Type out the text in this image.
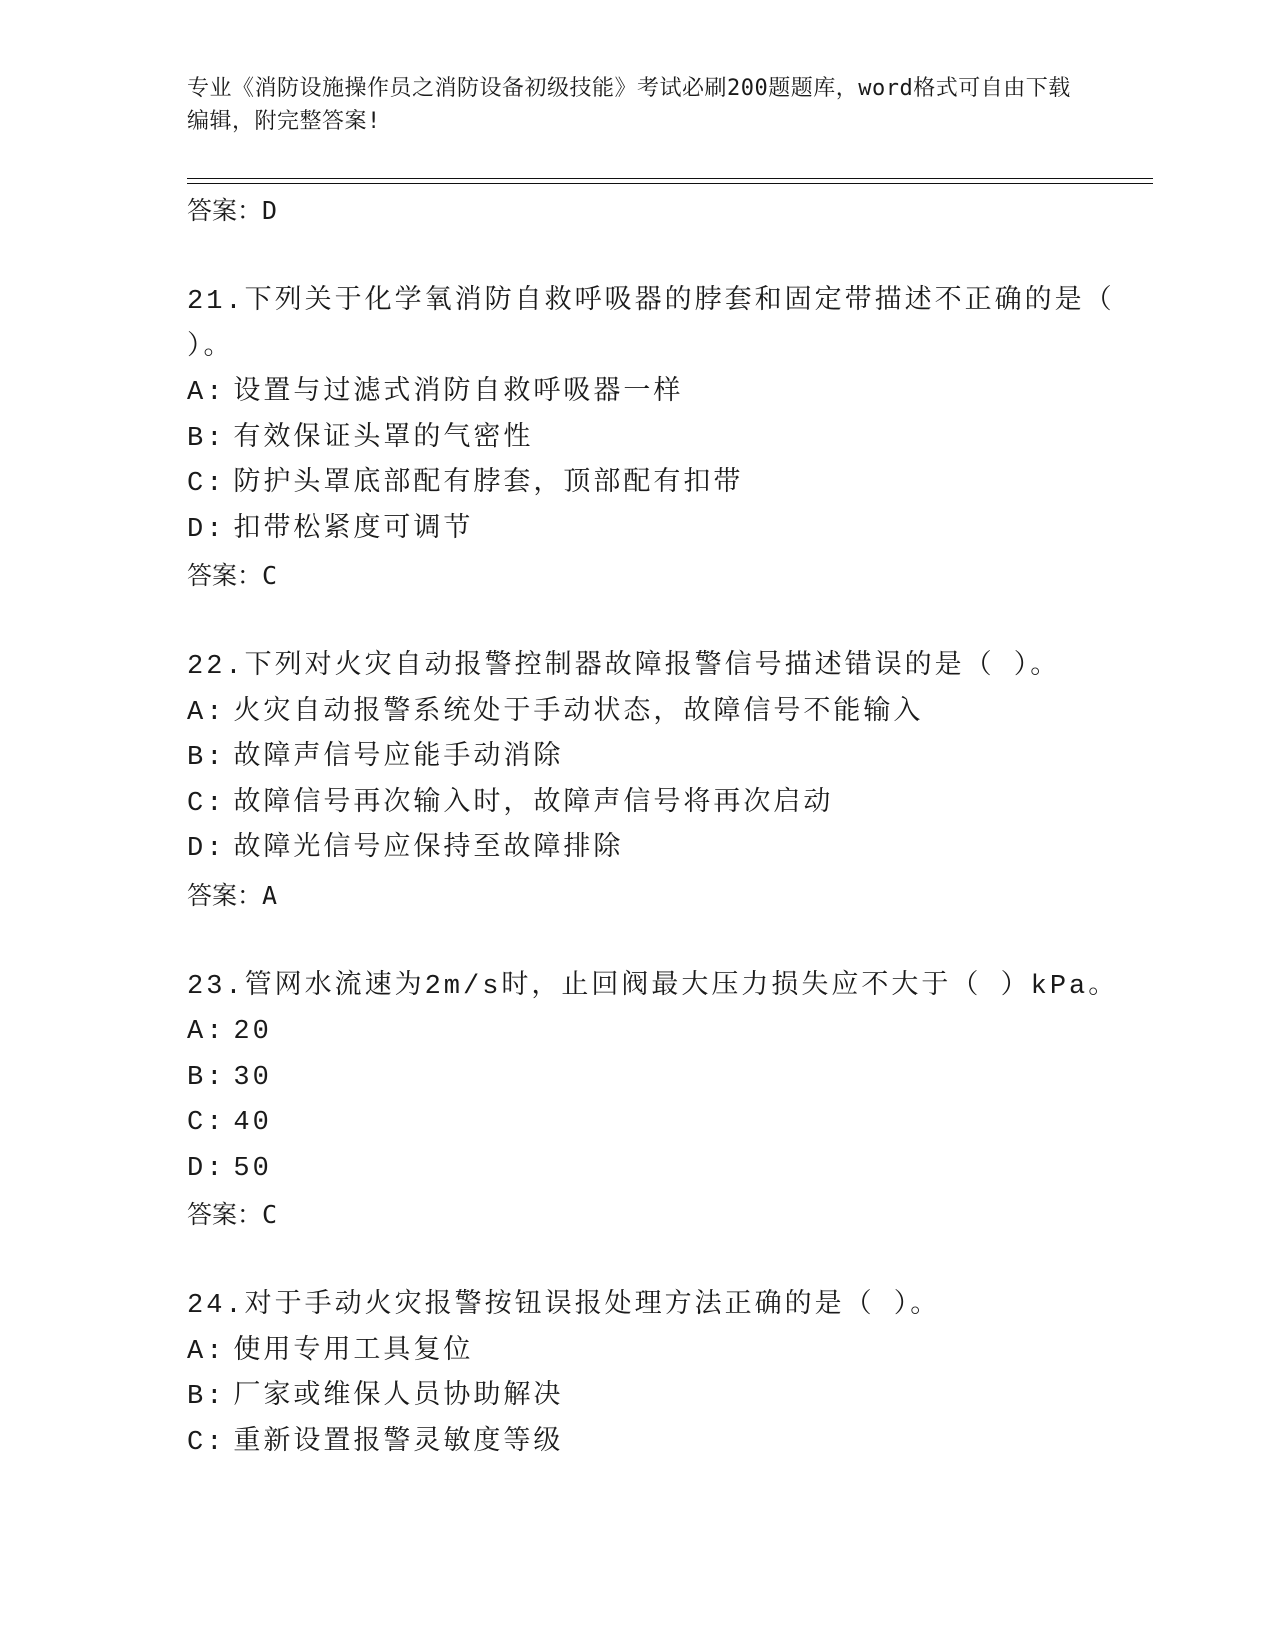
专业《消防设施操作员之消防设备初级技能》考试必刷200题题库，word格式可自由下载编辑，附完整答案!
答案：D
21.下列关于化学氧消防自救呼吸器的脖套和固定带描述不正确的是（ ）。
A: 设置与过滤式消防自救呼吸器一样
B: 有效保证头罩的气密性
C: 防护头罩底部配有脖套，顶部配有扣带
D: 扣带松紧度可调节
答案：C
22.下列对火灾自动报警控制器故障报警信号描述错误的是（ ）。
A: 火灾自动报警系统处于手动状态，故障信号不能输入
B: 故障声信号应能手动消除
C: 故障信号再次输入时，故障声信号将再次启动
D: 故障光信号应保持至故障排除
答案：A
23.管网水流速为2m/s时，止回阀最大压力损失应不大于（ ）kPa。
A: 20
B: 30
C: 40
D: 50
答案：C
24.对于手动火灾报警按钮误报处理方法正确的是（ ）。
A: 使用专用工具复位
B: 厂家或维保人员协助解决
C: 重新设置报警灵敏度等级
